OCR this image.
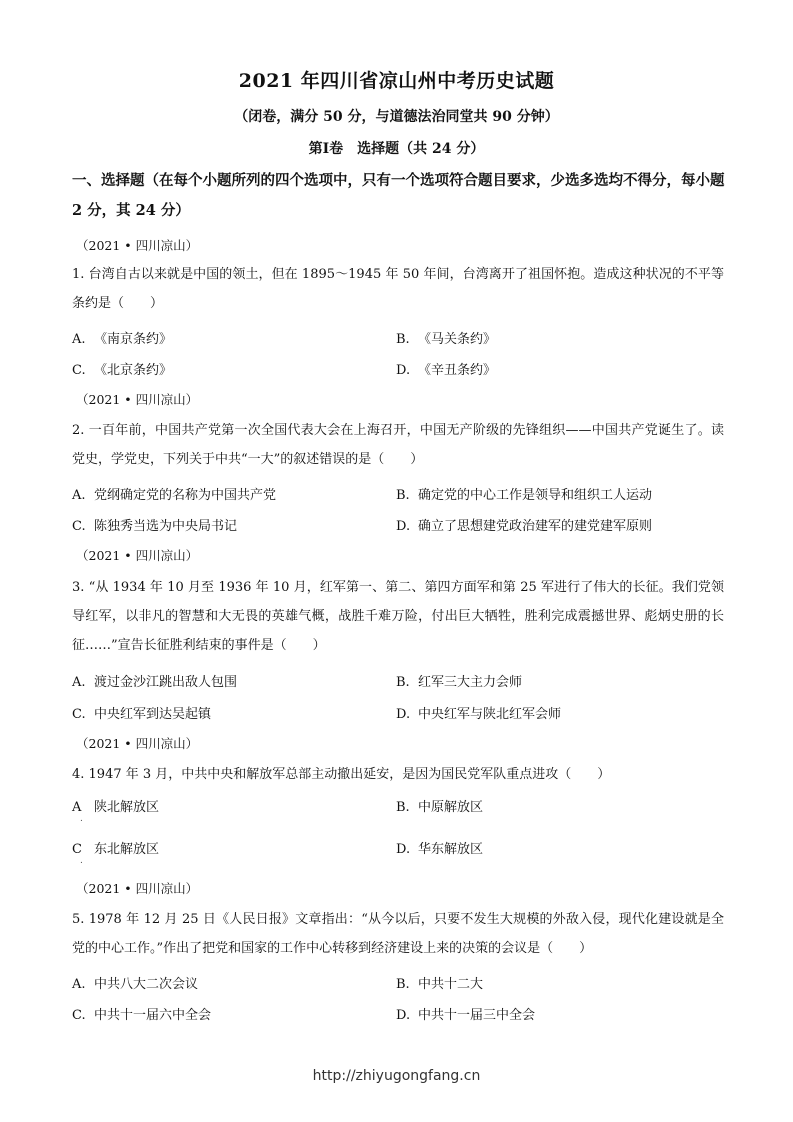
2021 年四川省凉山州中考历史试题
（闭卷，满分 50 分，与道德法治同堂共 90 分钟）
第Ⅰ卷　选择题（共 24 分）
一、选择题（在每个小题所列的四个选项中，只有一个选项符合题目要求，少选多选均不得分，每小题 2 分，其 24 分）
（2021 • 四川凉山）
1. 台湾自古以来就是中国的领土，但在 1895～1945 年 50 年间，台湾离开了祖国怀抱。造成这种状况的不平等条约是（　　）
A. 《南京条约》	B. 《马关条约》
C. 《北京条约》	D. 《辛丑条约》
（2021 • 四川凉山）
2. 一百年前，中国共产党第一次全国代表大会在上海召开，中国无产阶级的先锋组织——中国共产党诞生了。读党史，学党史，下列关于中共“一大”的叙述错误的是（　　）
A. 党纲确定党的名称为中国共产党	B. 确定党的中心工作是领导和组织工人运动
C. 陈独秀当选为中央局书记	D. 确立了思想建党政治建军的建党建军原则
（2021 • 四川凉山）
3. “从 1934 年 10 月至 1936 年 10 月，红军第一、第二、第四方面军和第 25 军进行了伟大的长征。我们党领导红军，以非凡的智慧和大无畏的英雄气概，战胜千难万险，付出巨大牺牲，胜利完成震撼世界、彪炳史册的长征……”宣告长征胜利结束的事件是（　　）
A. 渡过金沙江跳出敌人包围	B. 红军三大主力会师
C. 中央红军到达吴起镇	D. 中央红军与陕北红军会师
（2021 • 四川凉山）
4. 1947 年 3 月，中共中央和解放军总部主动撤出延安，是因为国民党军队重点进攻（　　）
A 陕北解放区
.
B. 中原解放区
C 东北解放区
.
D. 华东解放区
（2021 • 四川凉山）
5. 1978 年 12 月 25 日《人民日报》文章指出：“从今以后，只要不发生大规模的外敌入侵，现代化建设就是全党的中心工作。”作出了把党和国家的工作中心转移到经济建设上来的决策的会议是（　　）
A. 中共八大二次会议	B. 中共十二大
C. 中共十一届六中全会	D. 中共十一届三中全会
http://zhiyugongfang.cn
